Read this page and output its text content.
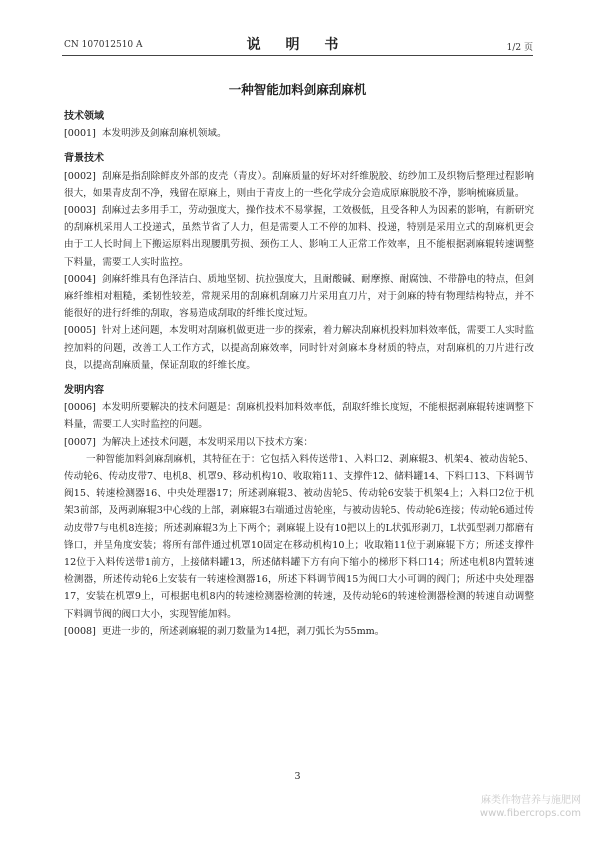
CN 107012510 A	说 明 书	1/2 页
一种智能加料剑麻刮麻机
技术领域
[0001] 本发明涉及剑麻刮麻机领域。
背景技术
[0002] 刮麻是指刮除鲜皮外部的皮壳（青皮）。刮麻质量的好坏对纤维脱胶、纺纱加工及织物后整理过程影响很大，如果青皮刮不净，残留在原麻上，则由于青皮上的一些化学成分会造成原麻脱胶不净，影响梳麻质量。
[0003] 刮麻过去多用手工，劳动强度大，操作技术不易掌握，工效极低，且受各种人为因素的影响，有新研究的刮麻机采用人工投递式，虽然节省了人力，但是需要人工不停的加料、投递，特别是采用立式的刮麻机更会由于工人长时间上下搬运原料出现腰肌劳损、颈伤工人、影响工人正常工作效率，且不能根据剥麻辊转速调整下料量，需要工人实时监控。
[0004] 剑麻纤维具有色泽洁白、质地坚韧、抗拉强度大，且耐酸碱、耐摩擦、耐腐蚀、不带静电的特点，但剑麻纤维相对粗糙，柔韧性较差，常规采用的刮麻机刮麻刀片采用直刀片，对于剑麻的特有物理结构特点，并不能很好的进行纤维的刮取，容易造成刮取的纤维长度过短。
[0005] 针对上述问题，本发明对刮麻机做更进一步的探索，着力解决刮麻机投料加料效率低，需要工人实时监控加料的问题，改善工人工作方式，以提高刮麻效率，同时针对剑麻本身材质的特点，对刮麻机的刀片进行改良，以提高刮麻质量，保证刮取的纤维长度。
发明内容
[0006] 本发明所要解决的技术问题是：刮麻机投料加料效率低，刮取纤维长度短，不能根据剥麻辊转速调整下料量，需要工人实时监控的问题。
[0007] 为解决上述技术问题，本发明采用以下技术方案：
一种智能加料剑麻刮麻机，其特征在于：它包括入料传送带1、入料口2、剥麻辊3、机架4、被动齿轮5、传动轮6、传动皮带7、电机8、机罩9、移动机构10、收取箱11、支撑件12、储料罐14、下料口13、下料调节阀15、转速检测器16、中央处理器17；所述剥麻辊3、被动齿轮5、传动轮6安装于机架4上；入料口2位于机架3前部，及两剥麻辊3中心线的上部，剥麻辊3右端通过齿轮座，与被动齿轮5、传动轮6连接；传动轮6通过传动皮带7与电机8连接；所述剥麻辊3为上下两个；剥麻辊上设有10把以上的L状弧形剥刀，L状弧型剥刀都磨有锋口，并呈角度安装；将所有部件通过机罩10固定在移动机构10上；收取箱11位于剥麻辊下方；所述支撑件12位于入料传送带1前方，上接储料罐13，所述储料罐下方有向下缩小的梯形下料口14；所述电机8内置转速检测器，所述传动轮6上安装有一转速检测器16，所述下料调节阀15为阀口大小可调的阀门；所述中央处理器17，安装在机罩9上，可根据电机8内的转速检测器检测的转速，及传动轮6的转速检测器检测的转速自动调整下料调节阀的阀口大小，实现智能加料。
[0008] 更进一步的，所述剥麻辊的剥刀数量为14把，剥刀弧长为55mm。
3
麻类作物营养与施肥网
www.fibercrops.com
